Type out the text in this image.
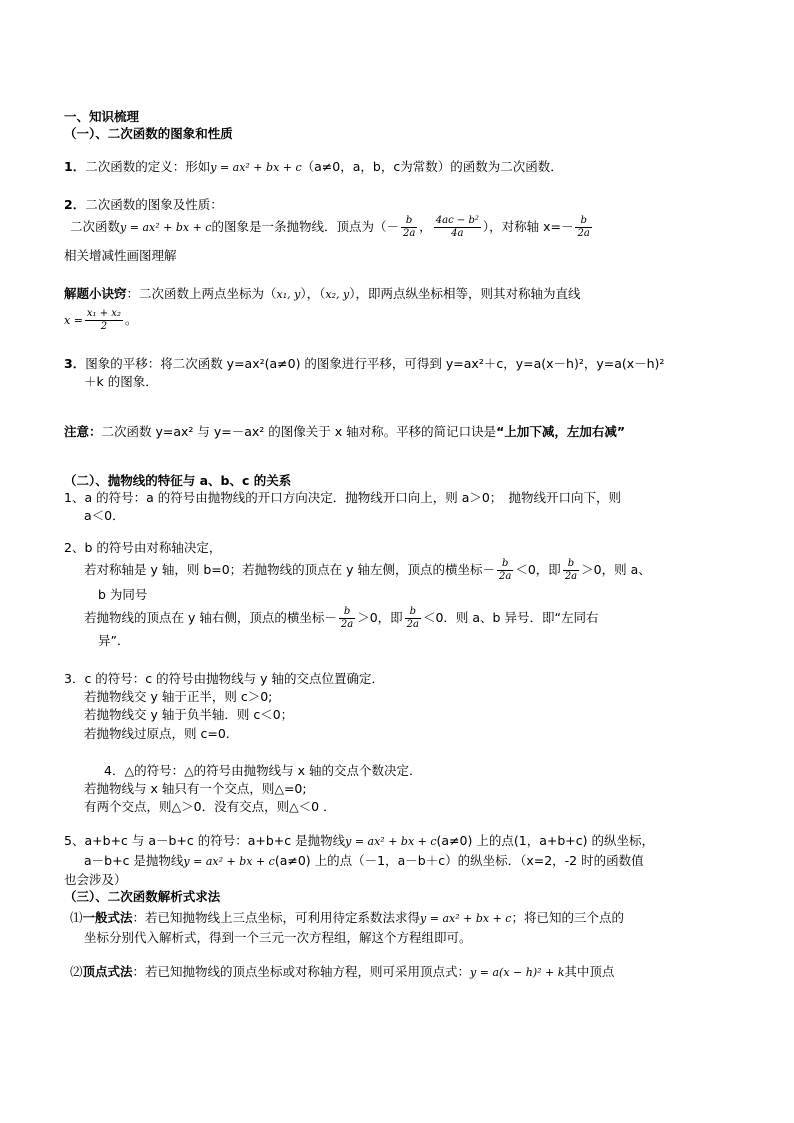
一、知识梳理
（一）、二次函数的图象和性质
1．二次函数的定义：形如y = ax² + bx + c（a≠0，a，b，c为常数）的函数为二次函数．
2．二次函数的图象及性质：
二次函数y = ax² + bx + c的图象是一条抛物线．顶点为（－ $\frac{b}{2a}$ ， $\frac{\text{4ac − b²}}{4a}$ ），对称轴 $x=- \frac{b}{2a}$
相关增减性画图理解
解题小诀窍：二次函数上两点坐标为（x₁, y），（x₂, y），即两点纵坐标相等，则其对称轴为直线
$x = \frac{\text{x₁ + x₂}}{2}$ 。
3．图象的平移：将二次函数 y=ax²(a≠0) 的图象进行平移，可得到 y=ax²＋c，y=a(x－h)²，y=a(x－h)²
＋k 的图象．
注意：二次函数 y=ax² 与 y=－ax² 的图像关于 x 轴对称。平移的简记口诀是“上加下减，左加右减”
（二）、抛物线的特征与 a、b、c 的关系
1、a 的符号：a 的符号由抛物线的开口方向决定．抛物线开口向上，则 a＞0；　抛物线开口向下，则
a＜0．
2、b 的符号由对称轴决定，
若对称轴是 y 轴，则 b=0；若抛物线的顶点在 y 轴左侧，顶点的横坐标－ $\frac{b}{2a} <0$，即 $\frac{b}{2a} >0$，则 a、
b 为同号
若抛物线的顶点在 y 轴右侧，顶点的横坐标－ $\frac{b}{2a} >0$，即 $\frac{b}{2a} <0$．则 a、b 异号．即“左同右
异”．
3．c 的符号：c 的符号由抛物线与 y 轴的交点位置确定．
若抛物线交 y 轴于正半，则 c＞0;
若抛物线交 y 轴于负半轴．则 c＜0；
若抛物线过原点，则 c=0.
4．△的符号：△的符号由抛物线与 x 轴的交点个数决定．
若抛物线与 x 轴只有一个交点，则△=0;
有两个交点，则△＞0．没有交点，则△＜0 ．
5、a+b+c 与 a－b+c 的符号：a+b+c 是抛物线y = ax² + bx + c(a≠0) 上的点(1，a+b+c) 的纵坐标，
a－b+c 是抛物线y = ax² + bx + c(a≠0) 上的点（－1，a－b＋c）的纵坐标．（x=2，-2 时的函数值
也会涉及）
（三）、二次函数解析式求法
⑴一般式法：若已知抛物线上三点坐标，可利用待定系数法求得y = ax² + bx + c；将已知的三个点的
坐标分别代入解析式，得到一个三元一次方程组，解这个方程组即可。
⑵顶点式法：若已知抛物线的顶点坐标或对称轴方程，则可采用顶点式：y = a(x − h)² + k其中顶点
